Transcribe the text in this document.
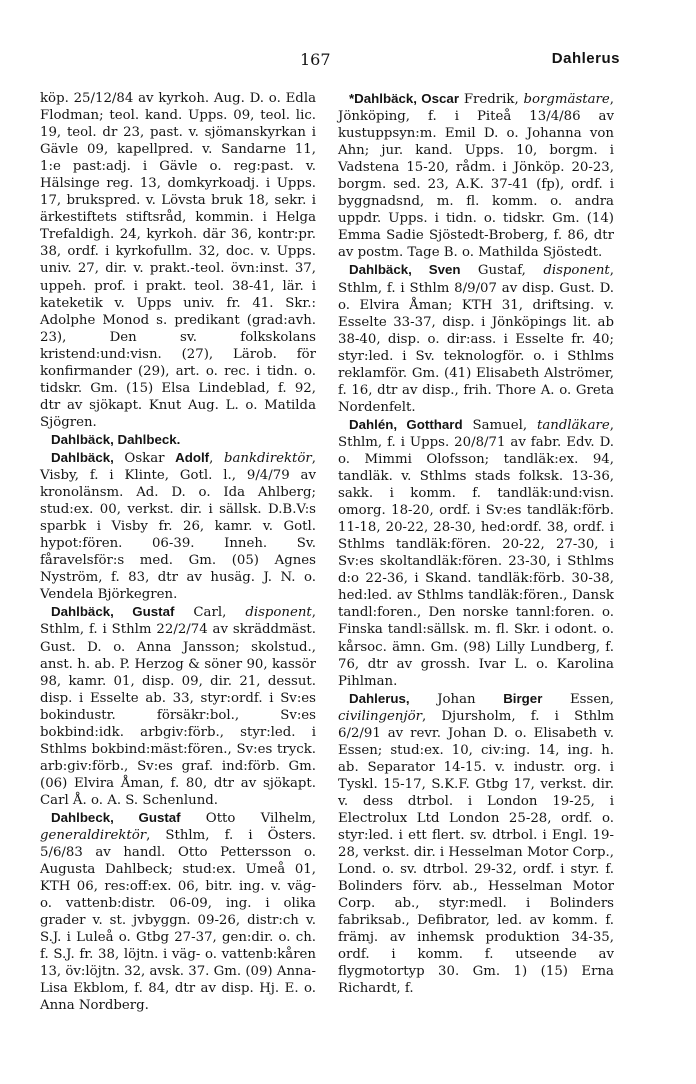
167	Dahlerus

köp. 25/12/84 av kyrkoh. Aug. D. o. Edla Flodman; teol. kand. Upps. 09, teol. lic. 19, teol. dr 23, past. v. sjömanskyrkan i Gävle 09, kapellpred. v. Sandarne 11, 1:e past:adj. i Gävle o. reg:past. v. Hälsinge reg. 13, domkyrkoadj. i Upps. 17, brukspred. v. Lövsta bruk 18, sekr. i ärkestiftets stiftsråd, kommin. i Helga Trefaldigh. 24, kyrkoh. där 36, kontr:pr. 38, ordf. i kyrkofullm. 32, doc. v. Upps. univ. 27, dir. v. prakt.-teol. övn:inst. 37, uppeh. prof. i prakt. teol. 38-41, lär. i kateketik v. Upps univ. fr. 41. Skr.: Adolphe Monod s. predikant (grad:avh. 23), Den sv. folkskolans kristend:und:visn. (27), Lärob. för konfirmander (29), art. o. rec. i tidn. o. tidskr. Gm. (15) Elsa Lindeblad, f. 92, dtr av sjökapt. Knut Aug. L. o. Matilda Sjögren.

Dahlbäck, Dahlbeck.

Dahlbäck, Oskar Adolf, bankdirektör, Visby, f. i Klinte, Gotl. l., 9/4/79 av kronolänsm. Ad. D. o. Ida Ahlberg; stud:ex. 00, verkst. dir. i sällsk. D.B.V:s sparbk i Visby fr. 26, kamr. v. Gotl. hypot:fören. 06-39. Inneh. Sv. fåravelsför:s med. Gm. (05) Agnes Nyström, f. 83, dtr av husäg. J. N. o. Vendela Björkegren.

Dahlbäck, Gustaf Carl, disponent, Sthlm, f. i Sthlm 22/2/74 av skräddmäst. Gust. D. o. Anna Jansson; skolstud., anst. h. ab. P. Herzog & söner 90, kassör 98, kamr. 01, disp. 09, dir. 21, dessut. disp. i Esselte ab. 33, styr:ordf. i Sv:es bokindustr. försäkr:bol., Sv:es bokbind:idk. arbgiv:förb., styr:led. i Sthlms bokbind:mäst:fören., Sv:es tryck. arb:giv:förb., Sv:es graf. ind:förb. Gm. (06) Elvira Åman, f. 80, dtr av sjökapt. Carl Å. o. A. S. Schenlund.

Dahlbeck, Gustaf Otto Vilhelm, generaldirektör, Sthlm, f. i Östers. 5/6/83 av handl. Otto Pettersson o. Augusta Dahlbeck; stud:ex. Umeå 01, KTH 06, res:off:ex. 06, bitr. ing. v. väg- o. vattenb:distr. 06-09, ing. i olika grader v. st. jvbyggn. 09-26, distr:ch v. S.J. i Luleå o. Gtbg 27-37, gen:dir. o. ch. f. S.J. fr. 38, löjtn. i väg- o. vattenb:kåren 13, öv:löjtn. 32, avsk. 37. Gm. (09) Anna-Lisa Ekblom, f. 84, dtr av disp. Hj. E. o. Anna Nordberg.

*Dahlbäck, Oscar Fredrik, borgmästare, Jönköping, f. i Piteå 13/4/86 av kustuppsyn:m. Emil D. o. Johanna von Ahn; jur. kand. Upps. 10, borgm. i Vadstena 15-20, rådm. i Jönköp. 20-23, borgm. sed. 23, A.K. 37-41 (fp), ordf. i byggnadsnd, m. fl. komm. o. andra uppdr. Upps. i tidn. o. tidskr. Gm. (14) Emma Sadie Sjöstedt-Broberg, f. 86, dtr av postm. Tage B. o. Mathilda Sjöstedt.

Dahlbäck, Sven Gustaf, disponent, Sthlm, f. i Sthlm 8/9/07 av disp. Gust. D. o. Elvira Åman; KTH 31, driftsing. v. Esselte 33-37, disp. i Jönköpings lit. ab 38-40, disp. o. dir:ass. i Esselte fr. 40; styr:led. i Sv. teknologför. o. i Sthlms reklamför. Gm. (41) Elisabeth Alströmer, f. 16, dtr av disp., frih. Thore A. o. Greta Nordenfelt.

Dahlén, Gotthard Samuel, tandläkare, Sthlm, f. i Upps. 20/8/71 av fabr. Edv. D. o. Mimmi Olofsson; tandläk:ex. 94, tandläk. v. Sthlms stads folksk. 13-36, sakk. i komm. f. tandläk:und:visn. omorg. 18-20, ordf. i Sv:es tandläk:förb. 11-18, 20-22, 28-30, hed:ordf. 38, ordf. i Sthlms tandläk:fören. 20-22, 27-30, i Sv:es skoltandläk:fören. 23-30, i Sthlms d:o 22-36, i Skand. tandläk:förb. 30-38, hed:led. av Sthlms tandläk:fören., Dansk tandl:foren., Den norske tannl:foren. o. Finska tandl:sällsk. m. fl. Skr. i odont. o. kårsoc. ämn. Gm. (98) Lilly Lundberg, f. 76, dtr av grossh. Ivar L. o. Karolina Pihlman.

Dahlerus, Johan Birger Essen, civilingenjör, Djursholm, f. i Sthlm 6/2/91 av revr. Johan D. o. Elisabeth v. Essen; stud:ex. 10, civ:ing. 14, ing. h. ab. Separator 14-15. v. industr. org. i Tyskl. 15-17, S.K.F. Gtbg 17, verkst. dir. v. dess dtrbol. i London 19-25, i Electrolux Ltd London 25-28, ordf. o. styr:led. i ett flert. sv. dtrbol. i Engl. 19-28, verkst. dir. i Hesselman Motor Corp., Lond. o. sv. dtrbol. 29-32, ordf. i styr. f. Bolinders förv. ab., Hesselman Motor Corp. ab., styr:medl. i Bolinders fabriksab., Defibrator, led. av komm. f. främj. av inhemsk produktion 34-35, ordf. i komm. f. utseende av flygmotortyp 30. Gm. 1) (15) Erna Richardt, f.
